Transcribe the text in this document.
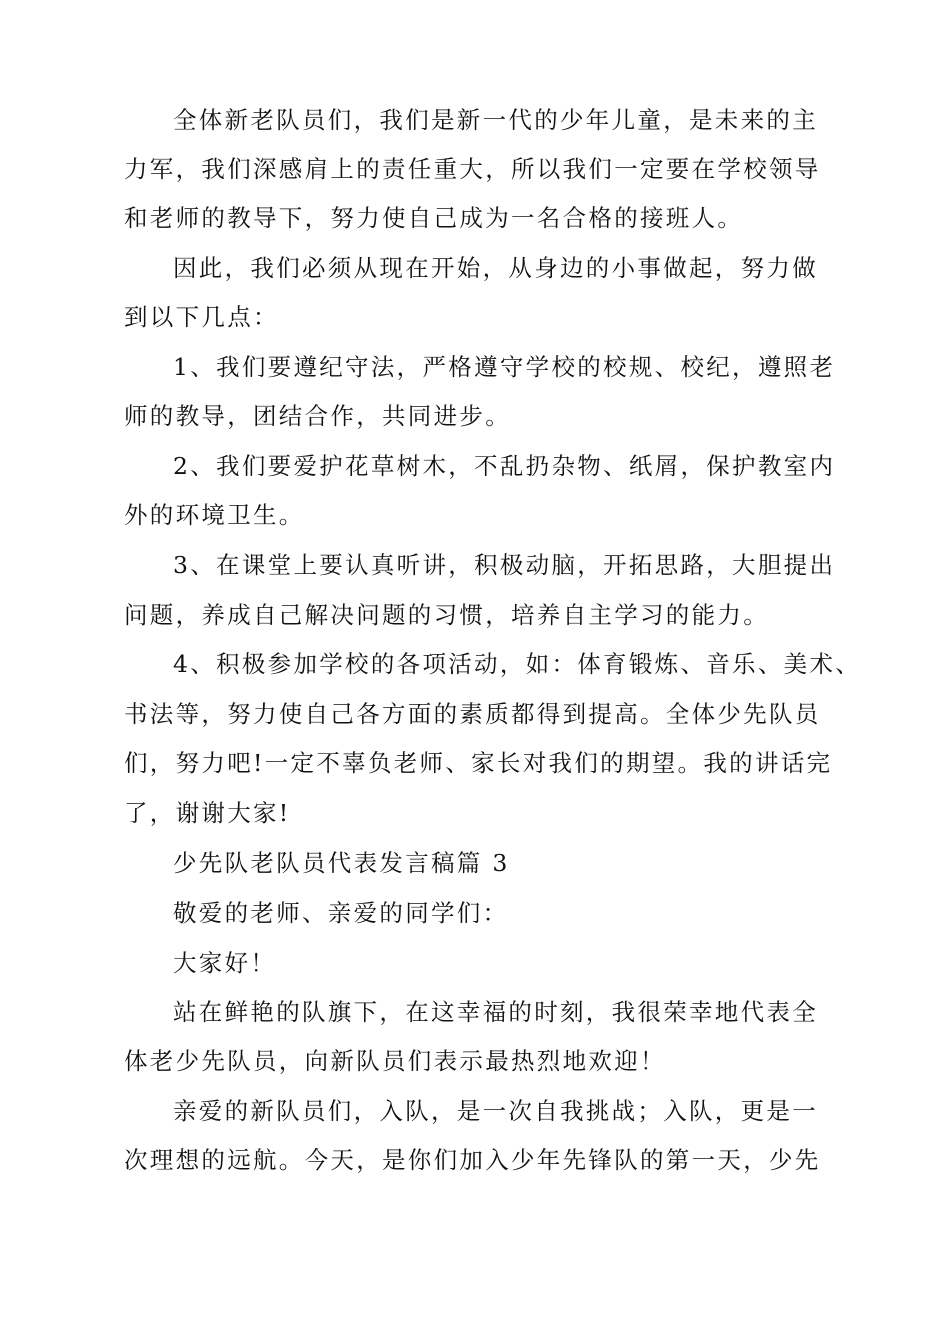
全体新老队员们，我们是新一代的少年儿童，是未来的主
力军，我们深感肩上的责任重大，所以我们一定要在学校领导
和老师的教导下，努力使自己成为一名合格的接班人。
因此，我们必须从现在开始，从身边的小事做起，努力做
到以下几点：
1、我们要遵纪守法，严格遵守学校的校规、校纪，遵照老
师的教导，团结合作，共同进步。
2、我们要爱护花草树木，不乱扔杂物、纸屑，保护教室内
外的环境卫生。
3、在课堂上要认真听讲，积极动脑，开拓思路，大胆提出
问题，养成自己解决问题的习惯，培养自主学习的能力。
4、积极参加学校的各项活动，如：体育锻炼、音乐、美术、
书法等，努力使自己各方面的素质都得到提高。全体少先队员
们，努力吧!一定不辜负老师、家长对我们的期望。我的讲话完
了，谢谢大家!
少先队老队员代表发言稿篇 3
敬爱的老师、亲爱的同学们：
大家好！
站在鲜艳的队旗下，在这幸福的时刻，我很荣幸地代表全
体老少先队员，向新队员们表示最热烈地欢迎！
亲爱的新队员们，入队，是一次自我挑战；入队，更是一
次理想的远航。今天，是你们加入少年先锋队的第一天，少先
